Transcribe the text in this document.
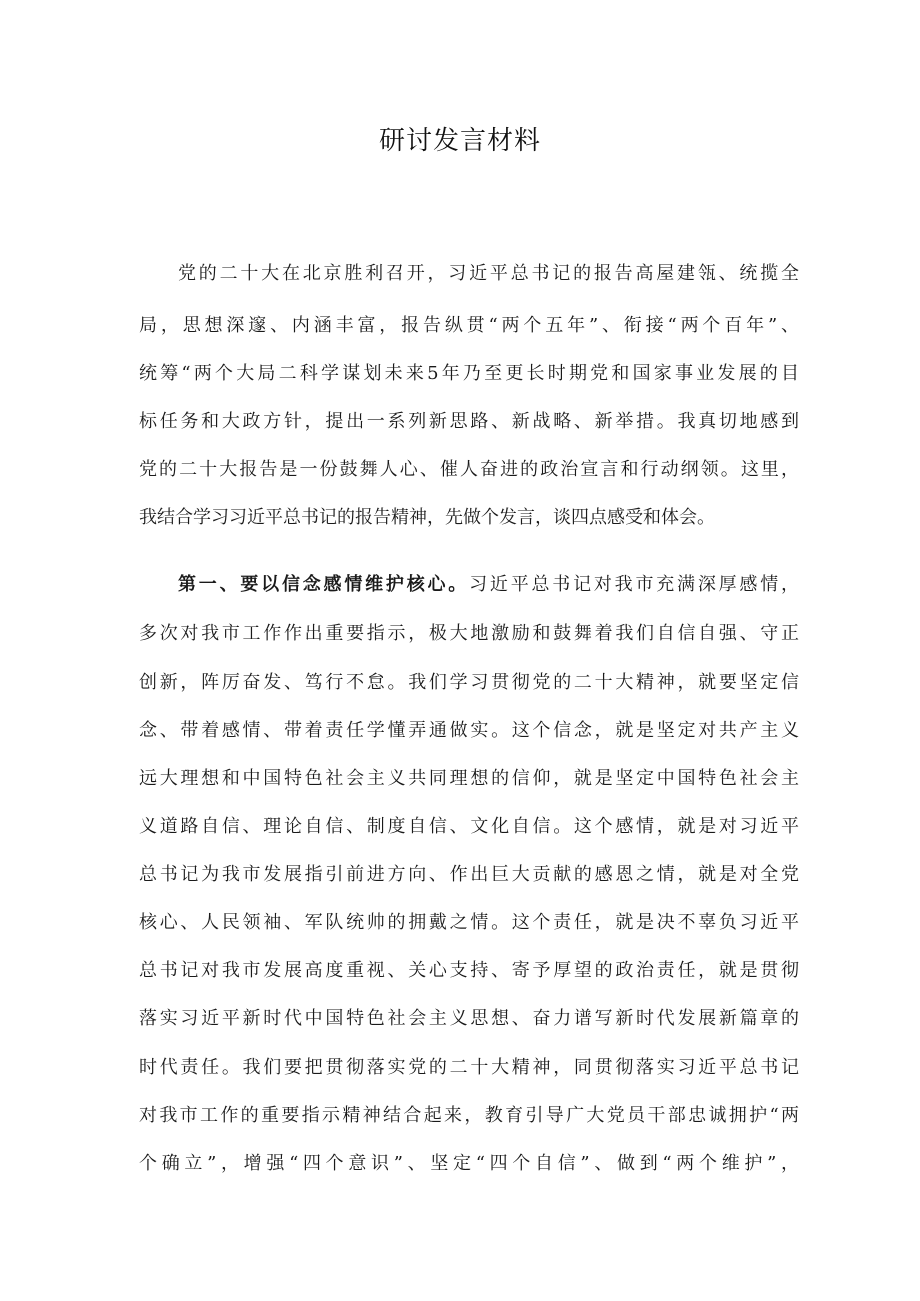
研讨发言材料
党的二十大在北京胜利召开，习近平总书记的报告高屋建瓴、统揽全
局，思想深邃、内涵丰富，报告纵贯“两个五年”、衔接“两个百年”、
统筹“两个大局二科学谋划未来5年乃至更长时期党和国家事业发展的目
标任务和大政方针，提出一系列新思路、新战略、新举措。我真切地感到
党的二十大报告是一份鼓舞人心、催人奋进的政治宣言和行动纲领。这里，
我结合学习习近平总书记的报告精神，先做个发言，谈四点感受和体会。
第一、要以信念感情维护核心。习近平总书记对我市充满深厚感情，
多次对我市工作作出重要指示，极大地激励和鼓舞着我们自信自强、守正
创新，阵厉奋发、笃行不怠。我们学习贯彻党的二十大精神，就要坚定信
念、带着感情、带着责任学懂弄通做实。这个信念，就是坚定对共产主义
远大理想和中国特色社会主义共同理想的信仰，就是坚定中国特色社会主
义道路自信、理论自信、制度自信、文化自信。这个感情，就是对习近平
总书记为我市发展指引前进方向、作出巨大贡献的感恩之情，就是对全党
核心、人民领袖、军队统帅的拥戴之情。这个责任，就是决不辜负习近平
总书记对我市发展高度重视、关心支持、寄予厚望的政治责任，就是贯彻
落实习近平新时代中国特色社会主义思想、奋力谱写新时代发展新篇章的
时代责任。我们要把贯彻落实党的二十大精神，同贯彻落实习近平总书记
对我市工作的重要指示精神结合起来，教育引导广大党员干部忠诚拥护“两
个确立”，增强“四个意识”、坚定“四个自信”、做到“两个维护”，
